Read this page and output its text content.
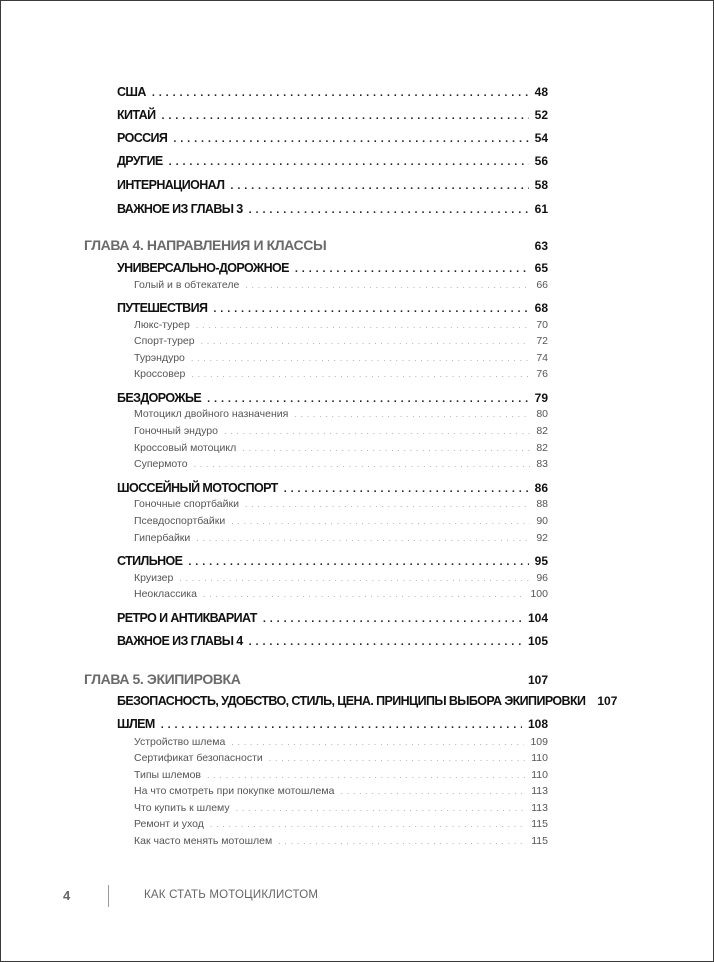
США . . .	48
КИТАЙ . . .	52
РОССИЯ . . .	54
ДРУГИЕ . . .	56
ИНТЕРНАЦИОНАЛ . . .	58
ВАЖНОЕ ИЗ ГЛАВЫ 3 . . .	61
ГЛАВА 4. НАПРАВЛЕНИЯ И КЛАССЫ	63
УНИВЕРСАЛЬНО-ДОРОЖНОЕ . . .	65
Голый и в обтекателе . . .	66
ПУТЕШЕСТВИЯ . . .	68
Люкс-турер . . .	70
Спорт-турер . . .	72
Турэндуро . . .	74
Кроссовер . . .	76
БЕЗДОРОЖЬЕ . . .	79
Мотоцикл двойного назначения . . .	80
Гоночный эндуро . . .	82
Кроссовый мотоцикл . . .	82
Супермото . . .	83
ШОССЕЙНЫЙ МОТОСПОРТ . . .	86
Гоночные спортбайки . . .	88
Псевдоспортбайки . . .	90
Гипербайки . . .	92
СТИЛЬНОЕ . . .	95
Круизер . . .	96
Неоклассика . . .	100
РЕТРО И АНТИКВАРИАТ . . .	104
ВАЖНОЕ ИЗ ГЛАВЫ 4 . . .	105
ГЛАВА 5. ЭКИПИРОВКА	107
БЕЗОПАСНОСТЬ, УДОБСТВО, СТИЛЬ, ЦЕНА. ПРИНЦИПЫ ВЫБОРА ЭКИПИРОВКИ 107
ШЛЕМ . . .	108
Устройство шлема . . .	109
Сертификат безопасности . . .	110
Типы шлемов . . .	110
На что смотреть при покупке мотошлема . . .	113
Что купить к шлему . . .	113
Ремонт и уход . . .	115
Как часто менять мотошлем . . .	115
4	КАК СТАТЬ МОТОЦИКЛИСТОМ
